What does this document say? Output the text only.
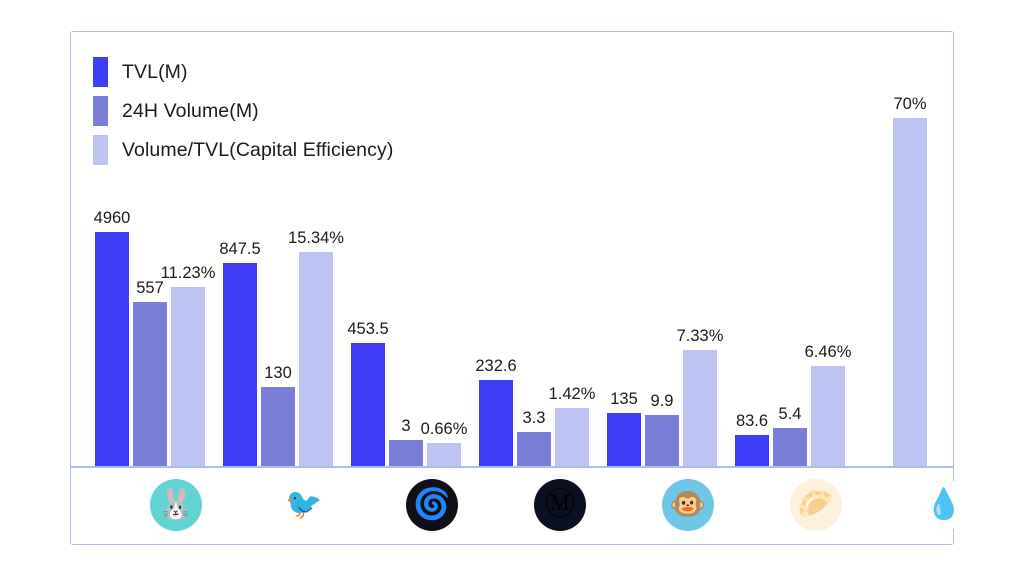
TVL(M)
24H Volume(M)
Volume/TVL(Capital Efficiency)
4960
557
11.23%
847.5
130
15.34%
453.5
3 0.66%
232.6
3.3
1.42% 135 9.9
7.33%
83.6 5.4
6.46%
70%
🐰	🐦	🌀	Ⓜ	🐵	🥟	💧
